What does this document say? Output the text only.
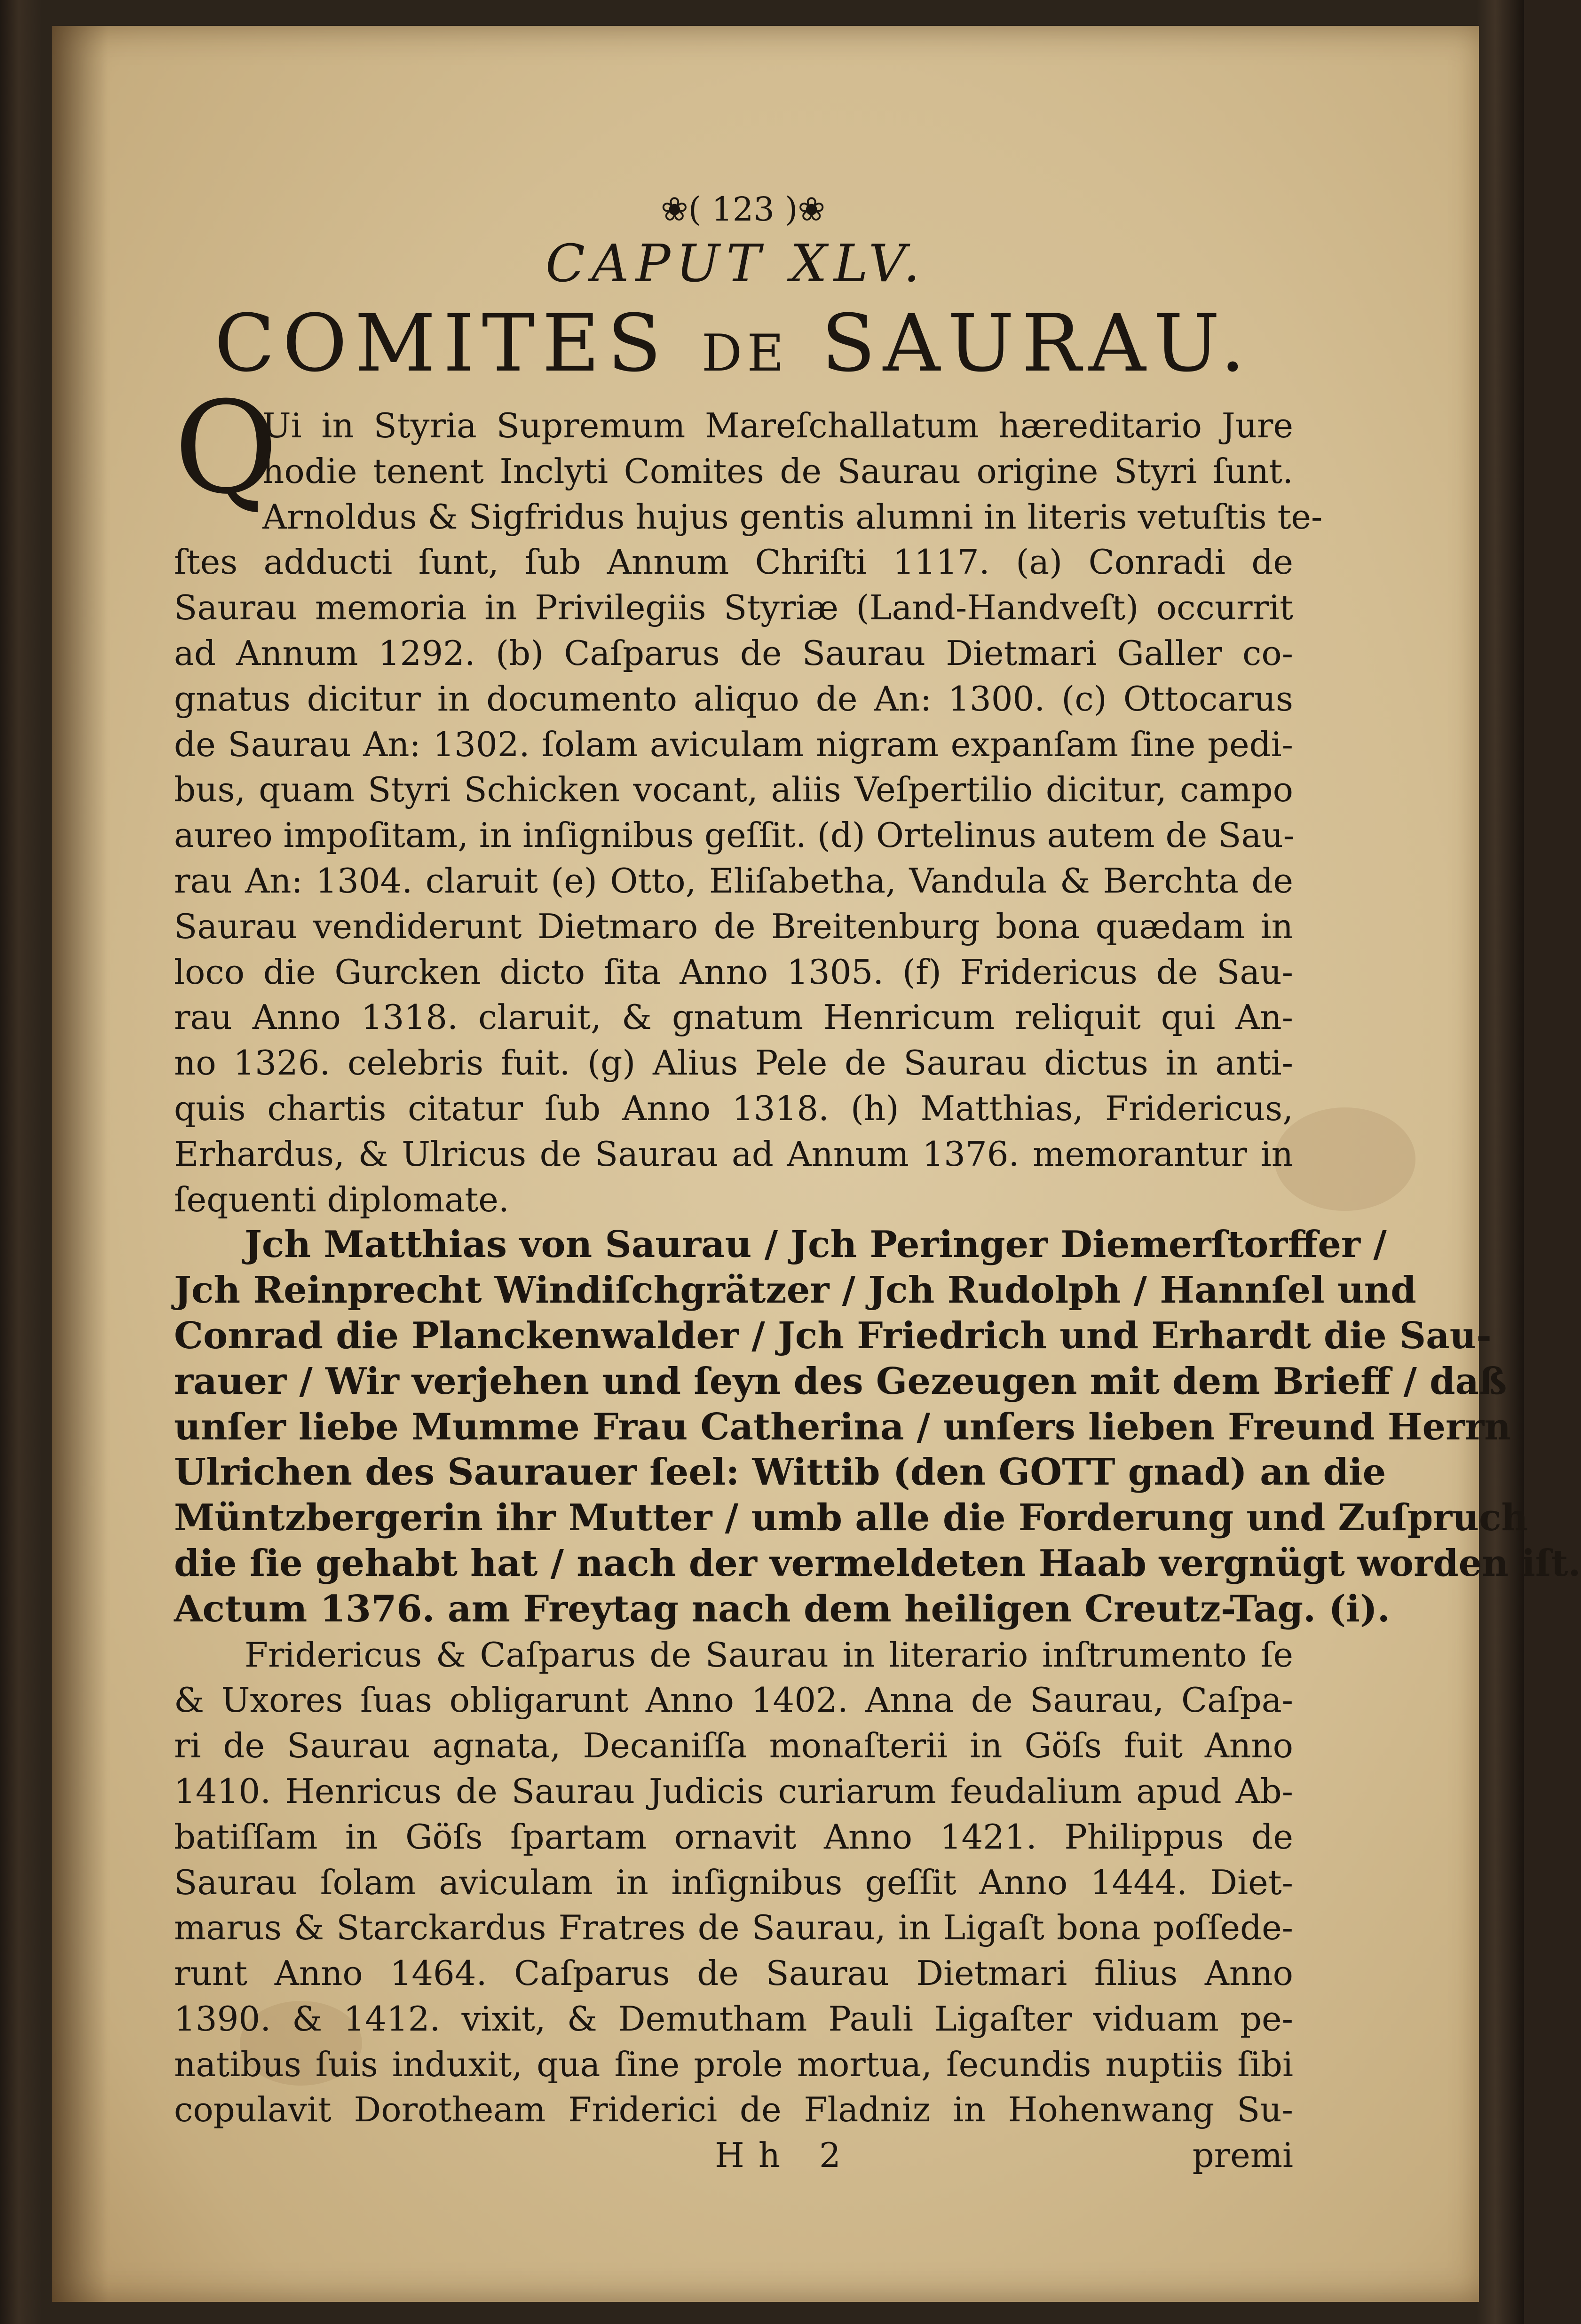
❀( 123 )❀
CAPUT XLV.
COMITES DE SAURAU.
Q
Ui in Styria Supremum Mareſchallatum hæreditario Jure
hodie tenent Inclyti Comites de Saurau origine Styri ſunt.
Arnoldus & Sigfridus hujus gentis alumni in literis vetuſtis te-
ſtes adducti ſunt, ſub Annum Chriſti 1117. (a) Conradi de
Saurau memoria in Privilegiis Styriæ (Land-Handveſt) occurrit
ad Annum 1292. (b) Caſparus de Saurau Dietmari Galler co-
gnatus dicitur in documento aliquo de An: 1300. (c) Ottocarus
de Saurau An: 1302. ſolam aviculam nigram expanſam ſine pedi-
bus, quam Styri Schicken vocant, aliis Veſpertilio dicitur, campo
aureo impoſitam, in inſignibus geſſit. (d) Ortelinus autem de Sau-
rau An: 1304. claruit (e) Otto, Eliſabetha, Vandula & Berchta de
Saurau vendiderunt Dietmaro de Breitenburg bona quædam in
loco die Gurcken dicto ſita Anno 1305. (f) Fridericus de Sau-
rau Anno 1318. claruit, & gnatum Henricum reliquit qui An-
no 1326. celebris fuit. (g) Alius Pele de Saurau dictus in anti-
quis chartis citatur ſub Anno 1318. (h) Matthias, Fridericus,
Erhardus, & Ulricus de Saurau ad Annum 1376. memorantur in
ſequenti diplomate.
Jch Matthias von Saurau / Jch Peringer Diemerſtorffer /
Jch Reinprecht Windiſchgrätzer / Jch Rudolph / Hannſel und
Conrad die Planckenwalder / Jch Friedrich und Erhardt die Sau-
rauer / Wir verjehen und ſeyn des Gezeugen mit dem Brieff / daß
unſer liebe Mumme Frau Catherina / unſers lieben Freund Herrn
Ulrichen des Saurauer ſeel: Wittib (den GOTT gnad) an die
Müntzbergerin ihr Mutter / umb alle die Forderung und Zuſpruch
die ſie gehabt hat / nach der vermeldeten Haab vergnügt worden iſt.
Actum 1376. am Freytag nach dem heiligen Creutz-Tag. (i).
Fridericus & Caſparus de Saurau in literario inſtrumento ſe
& Uxores ſuas obligarunt Anno 1402. Anna de Saurau, Caſpa-
ri de Saurau agnata, Decaniſſa monaſterii in Göſs fuit Anno
1410. Henricus de Saurau Judicis curiarum feudalium apud Ab-
batiſſam in Göſs ſpartam ornavit Anno 1421. Philippus de
Saurau ſolam aviculam in inſignibus geſſit Anno 1444. Diet-
marus & Starckardus Fratres de Saurau, in Ligaſt bona poſſede-
runt Anno 1464. Caſparus de Saurau Dietmari filius Anno
1390. & 1412. vixit, & Demutham Pauli Ligaſter viduam pe-
natibus ſuis induxit, qua ſine prole mortua, ſecundis nuptiis ſibi
copulavit Dorotheam Friderici de Fladniz in Hohenwang Su-
Hh 2	premi
